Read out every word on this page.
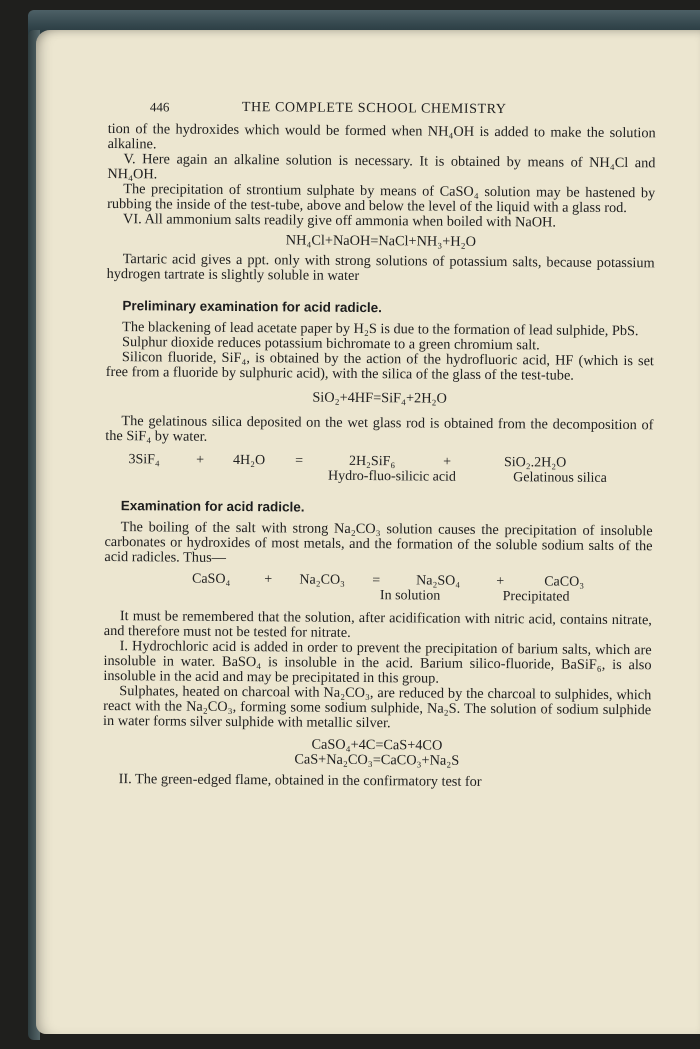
446	THE COMPLETE SCHOOL CHEMISTRY

tion of the hydroxides which would be formed when NH₄OH is added to make the solution alkaline.

V. Here again an alkaline solution is necessary. It is obtained by means of NH₄Cl and NH₄OH.

The precipitation of strontium sulphate by means of CaSO₄ solution may be hastened by rubbing the inside of the test-tube, above and below the level of the liquid with a glass rod.

VI. All ammonium salts readily give off ammonia when boiled with NaOH.

NH₄Cl+NaOH=NaCl+NH₃+H₂O

Tartaric acid gives a ppt. only with strong solutions of potassium salts, because potassium hydrogen tartrate is slightly soluble in water

Preliminary examination for acid radicle.

The blackening of lead acetate paper by H₂S is due to the formation of lead sulphide, PbS.

Sulphur dioxide reduces potassium bichromate to a green chromium salt.

Silicon fluoride, SiF₄, is obtained by the action of the hydrofluoric acid, HF (which is set free from a fluoride by sulphuric acid), with the silica of the glass of the test-tube.

SiO₂+4HF=SiF₄+2H₂O

The gelatinous silica deposited on the wet glass rod is obtained from the decomposition of the SiF₄ by water.

3SiF₄	+	4H₂O	=	2H₂SiF₆	+	SiO₂.2H₂O
Hydro-fluo-silicic acid	Gelatinous silica
Examination for acid radicle.

The boiling of the salt with strong Na₂CO₃ solution causes the precipitation of insoluble carbonates or hydroxides of most metals, and the formation of the soluble sodium salts of the acid radicles. Thus—

CaSO₄	+	Na₂CO₃	=	Na₂SO₄	+	CaCO₃
In solution	Precipitated

It must be remembered that the solution, after acidification with nitric acid, contains nitrate, and therefore must not be tested for nitrate.

I. Hydrochloric acid is added in order to prevent the precipitation of barium salts, which are insoluble in water. BaSO₄ is insoluble in the acid. Barium silico-fluoride, BaSiF₆, is also insoluble in the acid and may be precipitated in this group.

Sulphates, heated on charcoal with Na₂CO₃, are reduced by the charcoal to sulphides, which react with the Na₂CO₃, forming some sodium sulphide, Na₂S. The solution of sodium sulphide in water forms silver sulphide with metallic silver.

CaSO₄+4C=CaS+4CO
CaS+Na₂CO₃=CaCO₃+Na₂S

II. The green-edged flame, obtained in the confirmatory test for
